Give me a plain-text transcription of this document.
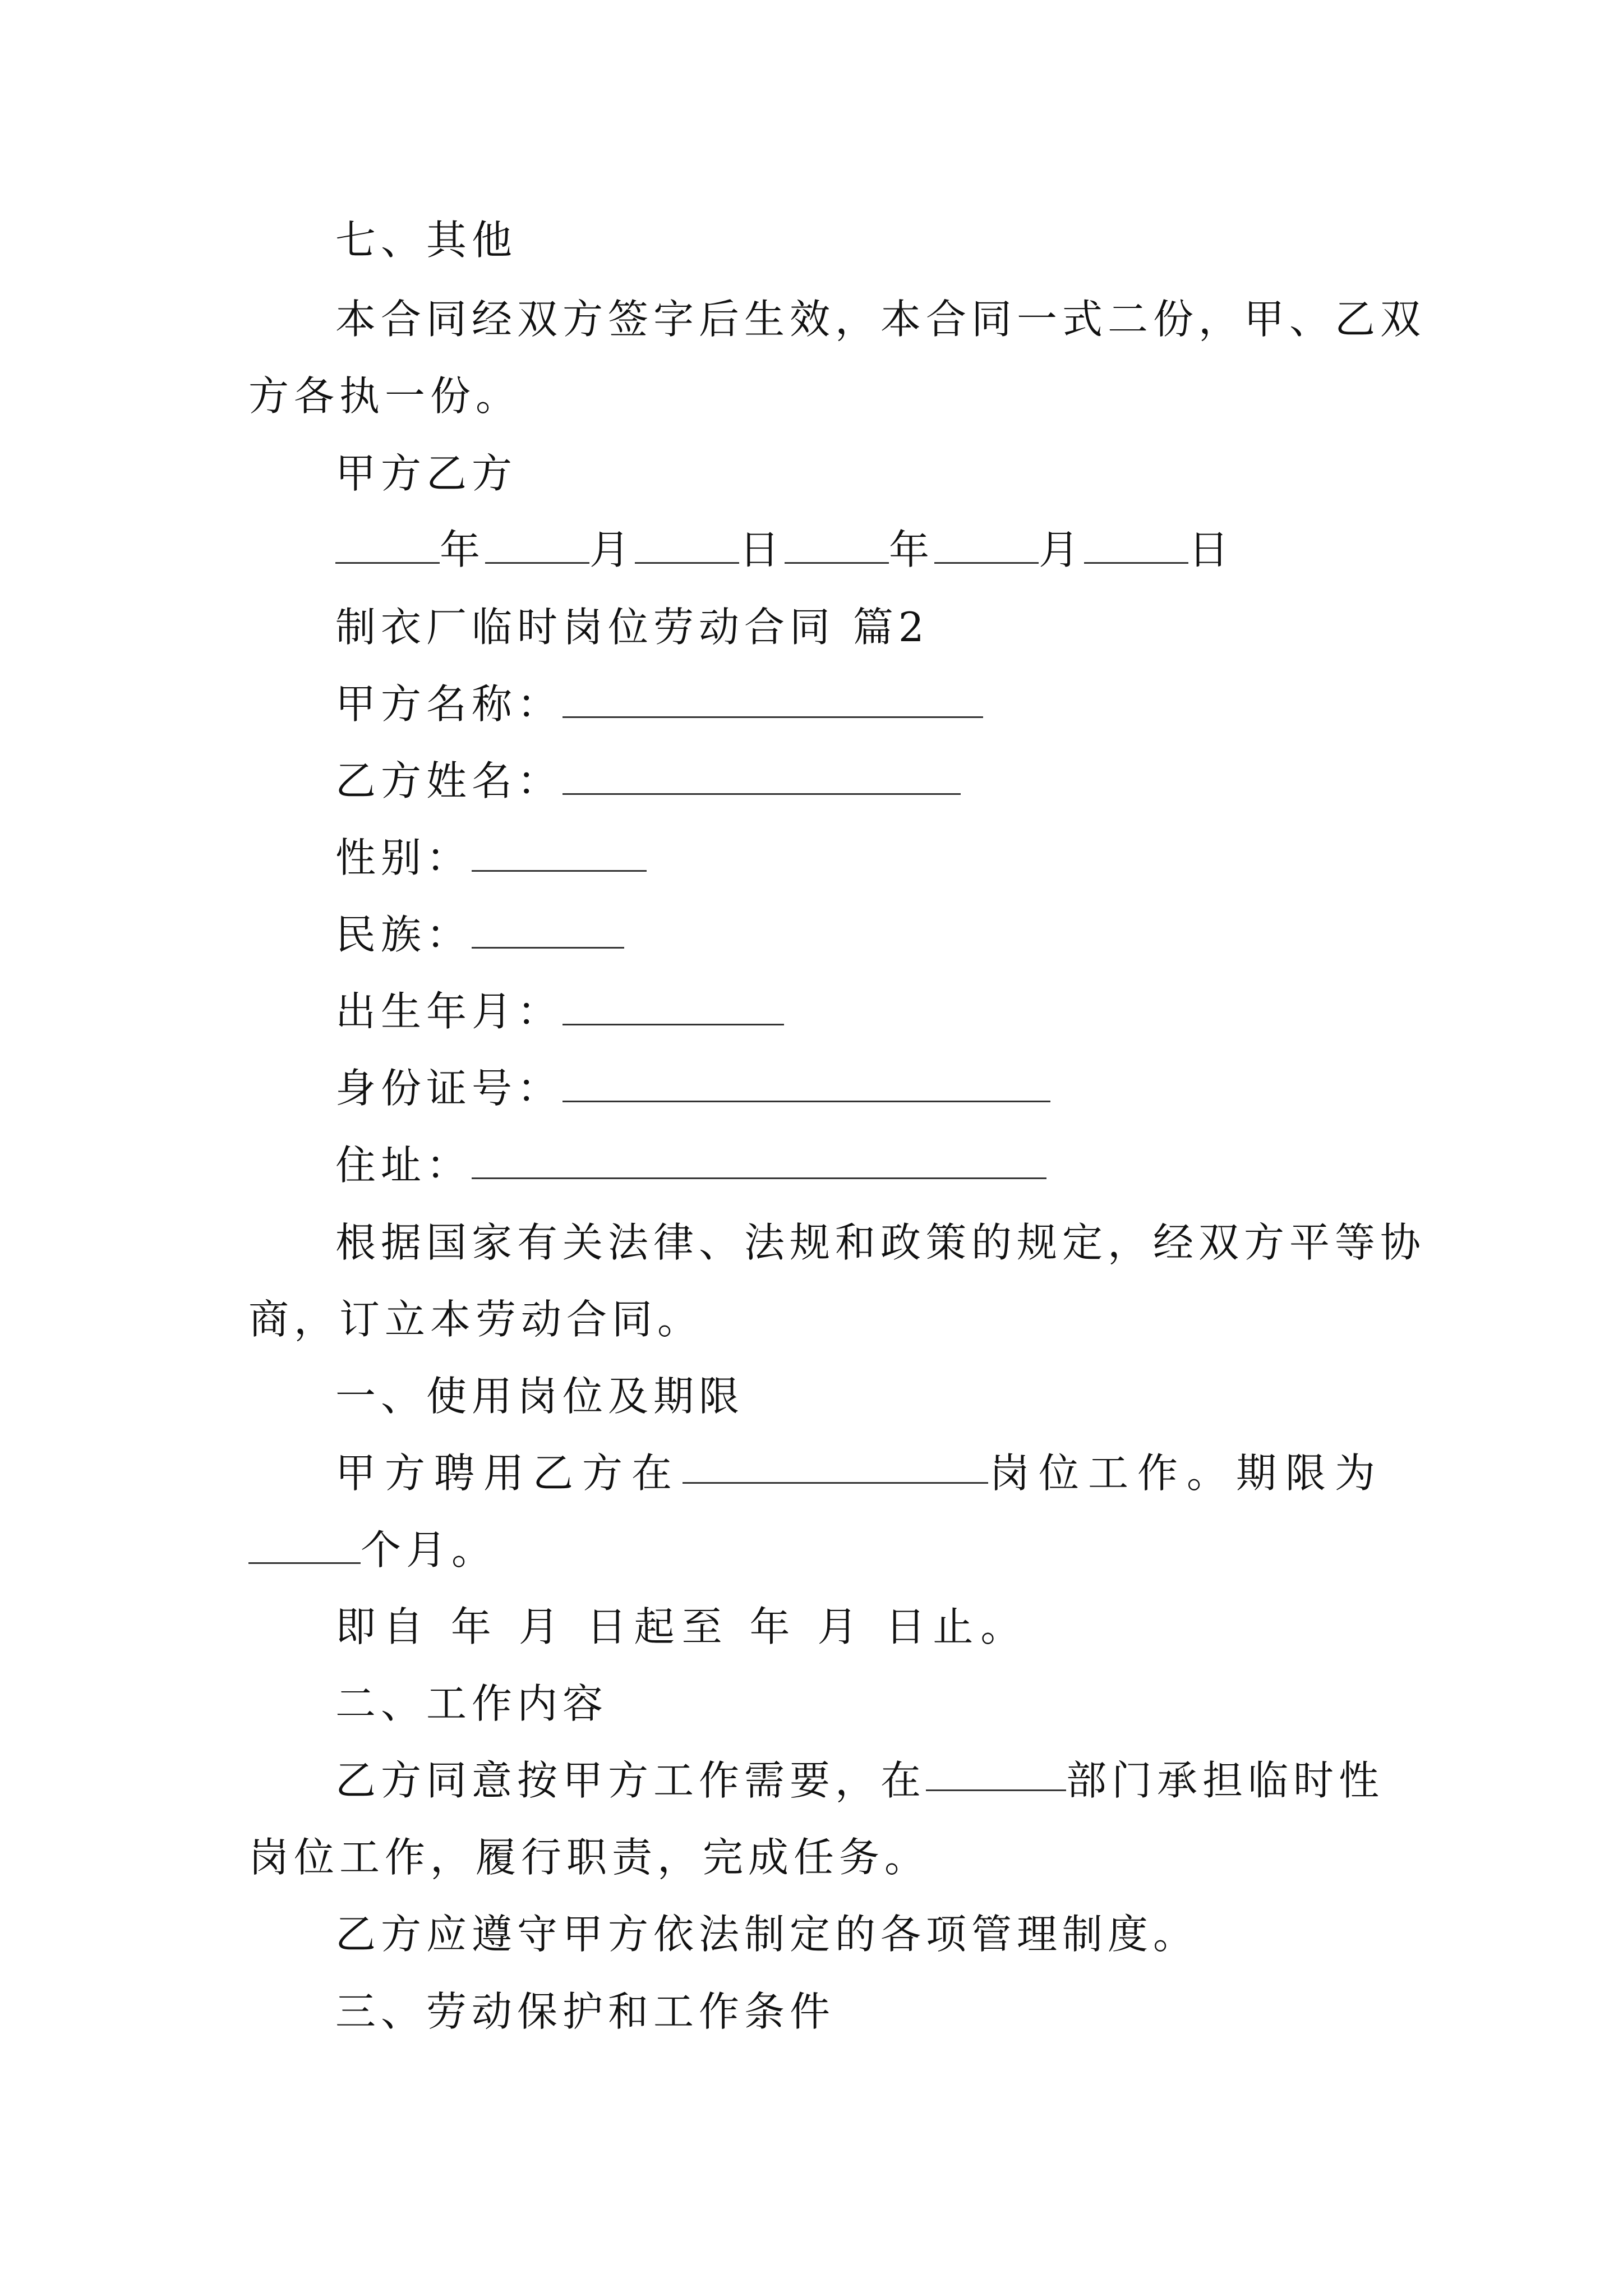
七、其他
本合同经双方签字后生效，本合同一式二份，甲、乙双
方各执一份。
甲方乙方
年	月	日	年	月	日
制衣厂临时岗位劳动合同 篇2
甲方名称：
乙方姓名：
性别：
民族：
出生年月：
身份证号：
住址：
根据国家有关法律、法规和政策的规定，经双方平等协
商，订立本劳动合同。
一、使用岗位及期限
甲方聘用乙方在	岗位工作。期限为
个月。
即自 年 月 日起至 年 月 日止。
二、工作内容
乙方同意按甲方工作需要，在	部门承担临时性
岗位工作，履行职责，完成任务。
乙方应遵守甲方依法制定的各项管理制度。
三、劳动保护和工作条件
